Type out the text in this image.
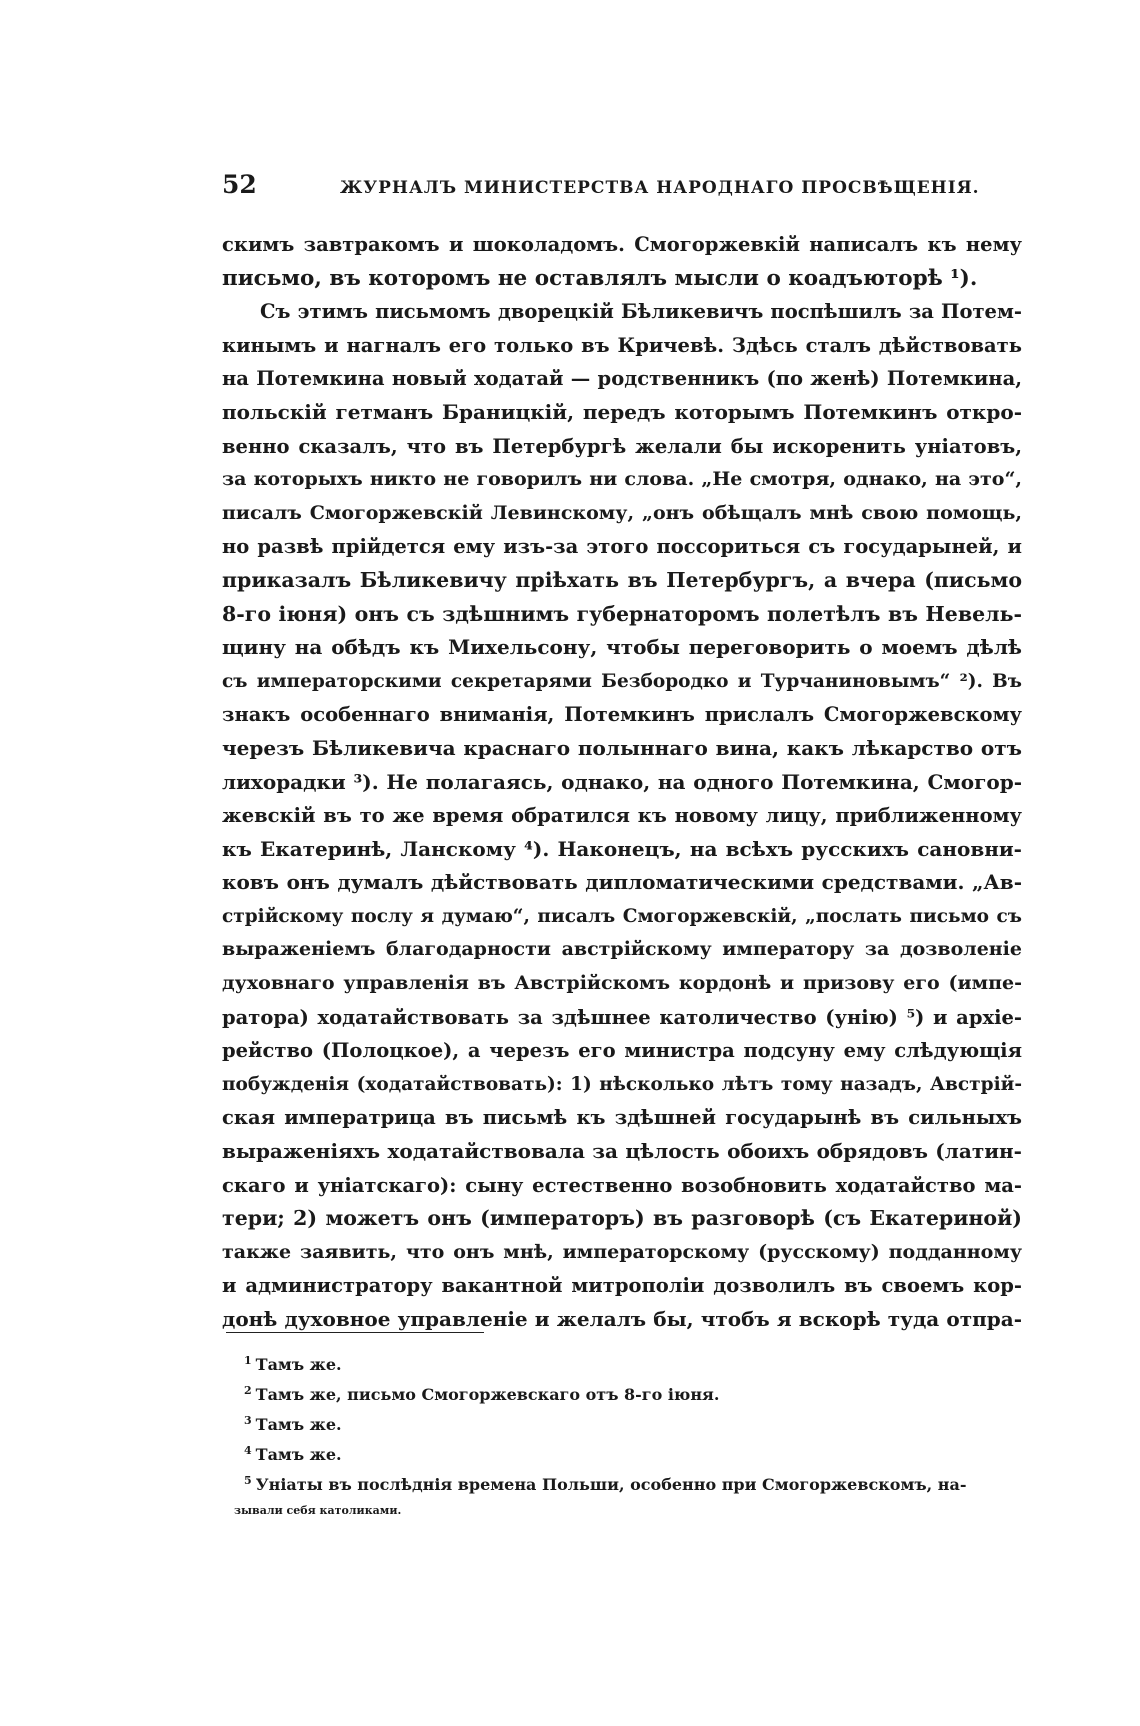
52	ЖУРНАЛЪ МИНИСТЕРСТВА НАРОДНАГО ПРОСВѢЩЕНІЯ.
скимъ завтракомъ и шоколадомъ. Смогоржевкій написалъ къ нему
письмо, въ которомъ не оставлялъ мысли о коадъюторѣ ¹).
Съ этимъ письмомъ дворецкій Бѣликевичъ поспѣшилъ за Потем-
кинымъ и нагналъ его только въ Кричевѣ. Здѣсь сталъ дѣйствовать
на Потемкина новый ходатай — родственникъ (по женѣ) Потемкина,
польскій гетманъ Браницкій, передъ которымъ Потемкинъ откро-
венно сказалъ, что въ Петербургѣ желали бы искоренить уніатовъ,
за которыхъ никто не говорилъ ни слова. „Не смотря, однако, на это“,
писалъ Смогоржевскій Левинскому, „онъ обѣщалъ мнѣ свою помощь,
но развѣ прійдется ему изъ-за этого поссориться съ государыней, и
приказалъ Бѣликевичу пріѣхать въ Петербургъ, а вчера (письмо
8-го іюня) онъ съ здѣшнимъ губернаторомъ полетѣлъ въ Невель-
щину на обѣдъ къ Михельсону, чтобы переговорить о моемъ дѣлѣ
съ императорскими секретарями Безбородко и Турчаниновымъ“ ²). Въ
знакъ особеннаго вниманія, Потемкинъ прислалъ Смогоржевскому
черезъ Бѣликевича краснаго полыннаго вина, какъ лѣкарство отъ
лихорадки ³). Не полагаясь, однако, на одного Потемкина, Смогор-
жевскій въ то же время обратился къ новому лицу, приближенному
къ Екатеринѣ, Ланскому ⁴). Наконецъ, на всѣхъ русскихъ сановни-
ковъ онъ думалъ дѣйствовать дипломатическими средствами. „Ав-
стрійскому послу я думаю“, писалъ Смогоржевскій, „послать письмо съ
выраженіемъ благодарности австрійскому императору за дозволеніе
духовнаго управленія въ Австрійскомъ кордонѣ и призову его (импе-
ратора) ходатайствовать за здѣшнее католичество (унію) ⁵) и архіе-
рейство (Полоцкое), а черезъ его министра подсуну ему слѣдующія
побужденія (ходатайствовать): 1) нѣсколько лѣтъ тому назадъ, Австрій-
ская императрица въ письмѣ къ здѣшней государынѣ въ сильныхъ
выраженіяхъ ходатайствовала за цѣлость обоихъ обрядовъ (латин-
скаго и уніатскаго): сыну естественно возобновить ходатайство ма-
тери; 2) можетъ онъ (императоръ) въ разговорѣ (съ Екатериной)
также заявить, что онъ мнѣ, императорскому (русскому) подданному
и администратору вакантной митрополіи дозволилъ въ своемъ кор-
донѣ духовное управленіе и желалъ бы, чтобъ я вскорѣ туда отпра-
$^1$ Тамъ же.
$^2$ Тамъ же, письмо Смогоржевскаго отъ 8-го іюня.
$^3$ Тамъ же.
$^4$ Тамъ же.
$^5$ Уніаты въ послѣднія времена Польши, особенно при Смогоржевскомъ, на-
зывали себя католиками.
